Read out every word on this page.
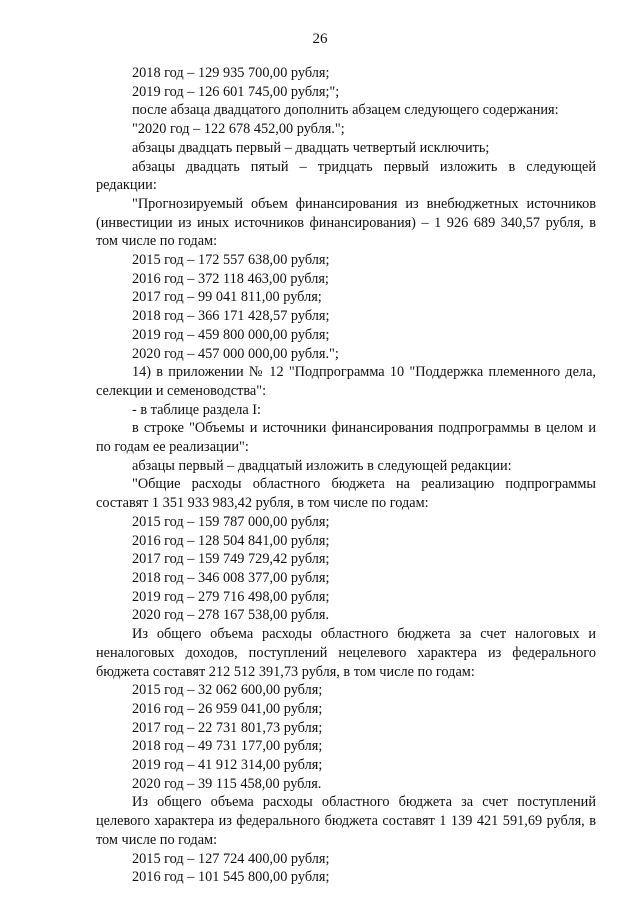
26

2018 год – 129 935 700,00 рубля;

2019 год – 126 601 745,00 рубля;";

после абзаца двадцатого дополнить абзацем следующего содержания:

"2020 год – 122 678 452,00 рубля.";

абзацы двадцать первый – двадцать четвертый исключить;

абзацы двадцать пятый – тридцать первый изложить в следующей редакции:

"Прогнозируемый объем финансирования из внебюджетных источников (инвестиции из иных источников финансирования) – 1 926 689 340,57 рубля, в том числе по годам:

2015 год – 172 557 638,00 рубля;

2016 год – 372 118 463,00 рубля;

2017 год – 99 041 811,00 рубля;

2018 год – 366 171 428,57 рубля;

2019 год – 459 800 000,00 рубля;

2020 год – 457 000 000,00 рубля.";

14) в приложении № 12 "Подпрограмма 10 "Поддержка племенного дела, селекции и семеноводства":

- в таблице раздела I:

в строке "Объемы и источники финансирования подпрограммы в целом и по годам ее реализации":

абзацы первый – двадцатый изложить в следующей редакции:

"Общие расходы областного бюджета на реализацию подпрограммы составят 1 351 933 983,42 рубля, в том числе по годам:

2015 год – 159 787 000,00 рубля;

2016 год – 128 504 841,00 рубля;

2017 год – 159 749 729,42 рубля;

2018 год – 346 008 377,00 рубля;

2019 год – 279 716 498,00 рубля;

2020 год – 278 167 538,00 рубля.

Из общего объема расходы областного бюджета за счет налоговых и неналоговых доходов, поступлений нецелевого характера из федерального бюджета составят 212 512 391,73 рубля, в том числе по годам:

2015 год – 32 062 600,00 рубля;

2016 год – 26 959 041,00 рубля;

2017 год – 22 731 801,73 рубля;

2018 год – 49 731 177,00 рубля;

2019 год – 41 912 314,00 рубля;

2020 год – 39 115 458,00 рубля.

Из общего объема расходы областного бюджета за счет поступлений целевого характера из федерального бюджета составят 1 139 421 591,69 рубля, в том числе по годам:

2015 год – 127 724 400,00 рубля;

2016 год – 101 545 800,00 рубля;
